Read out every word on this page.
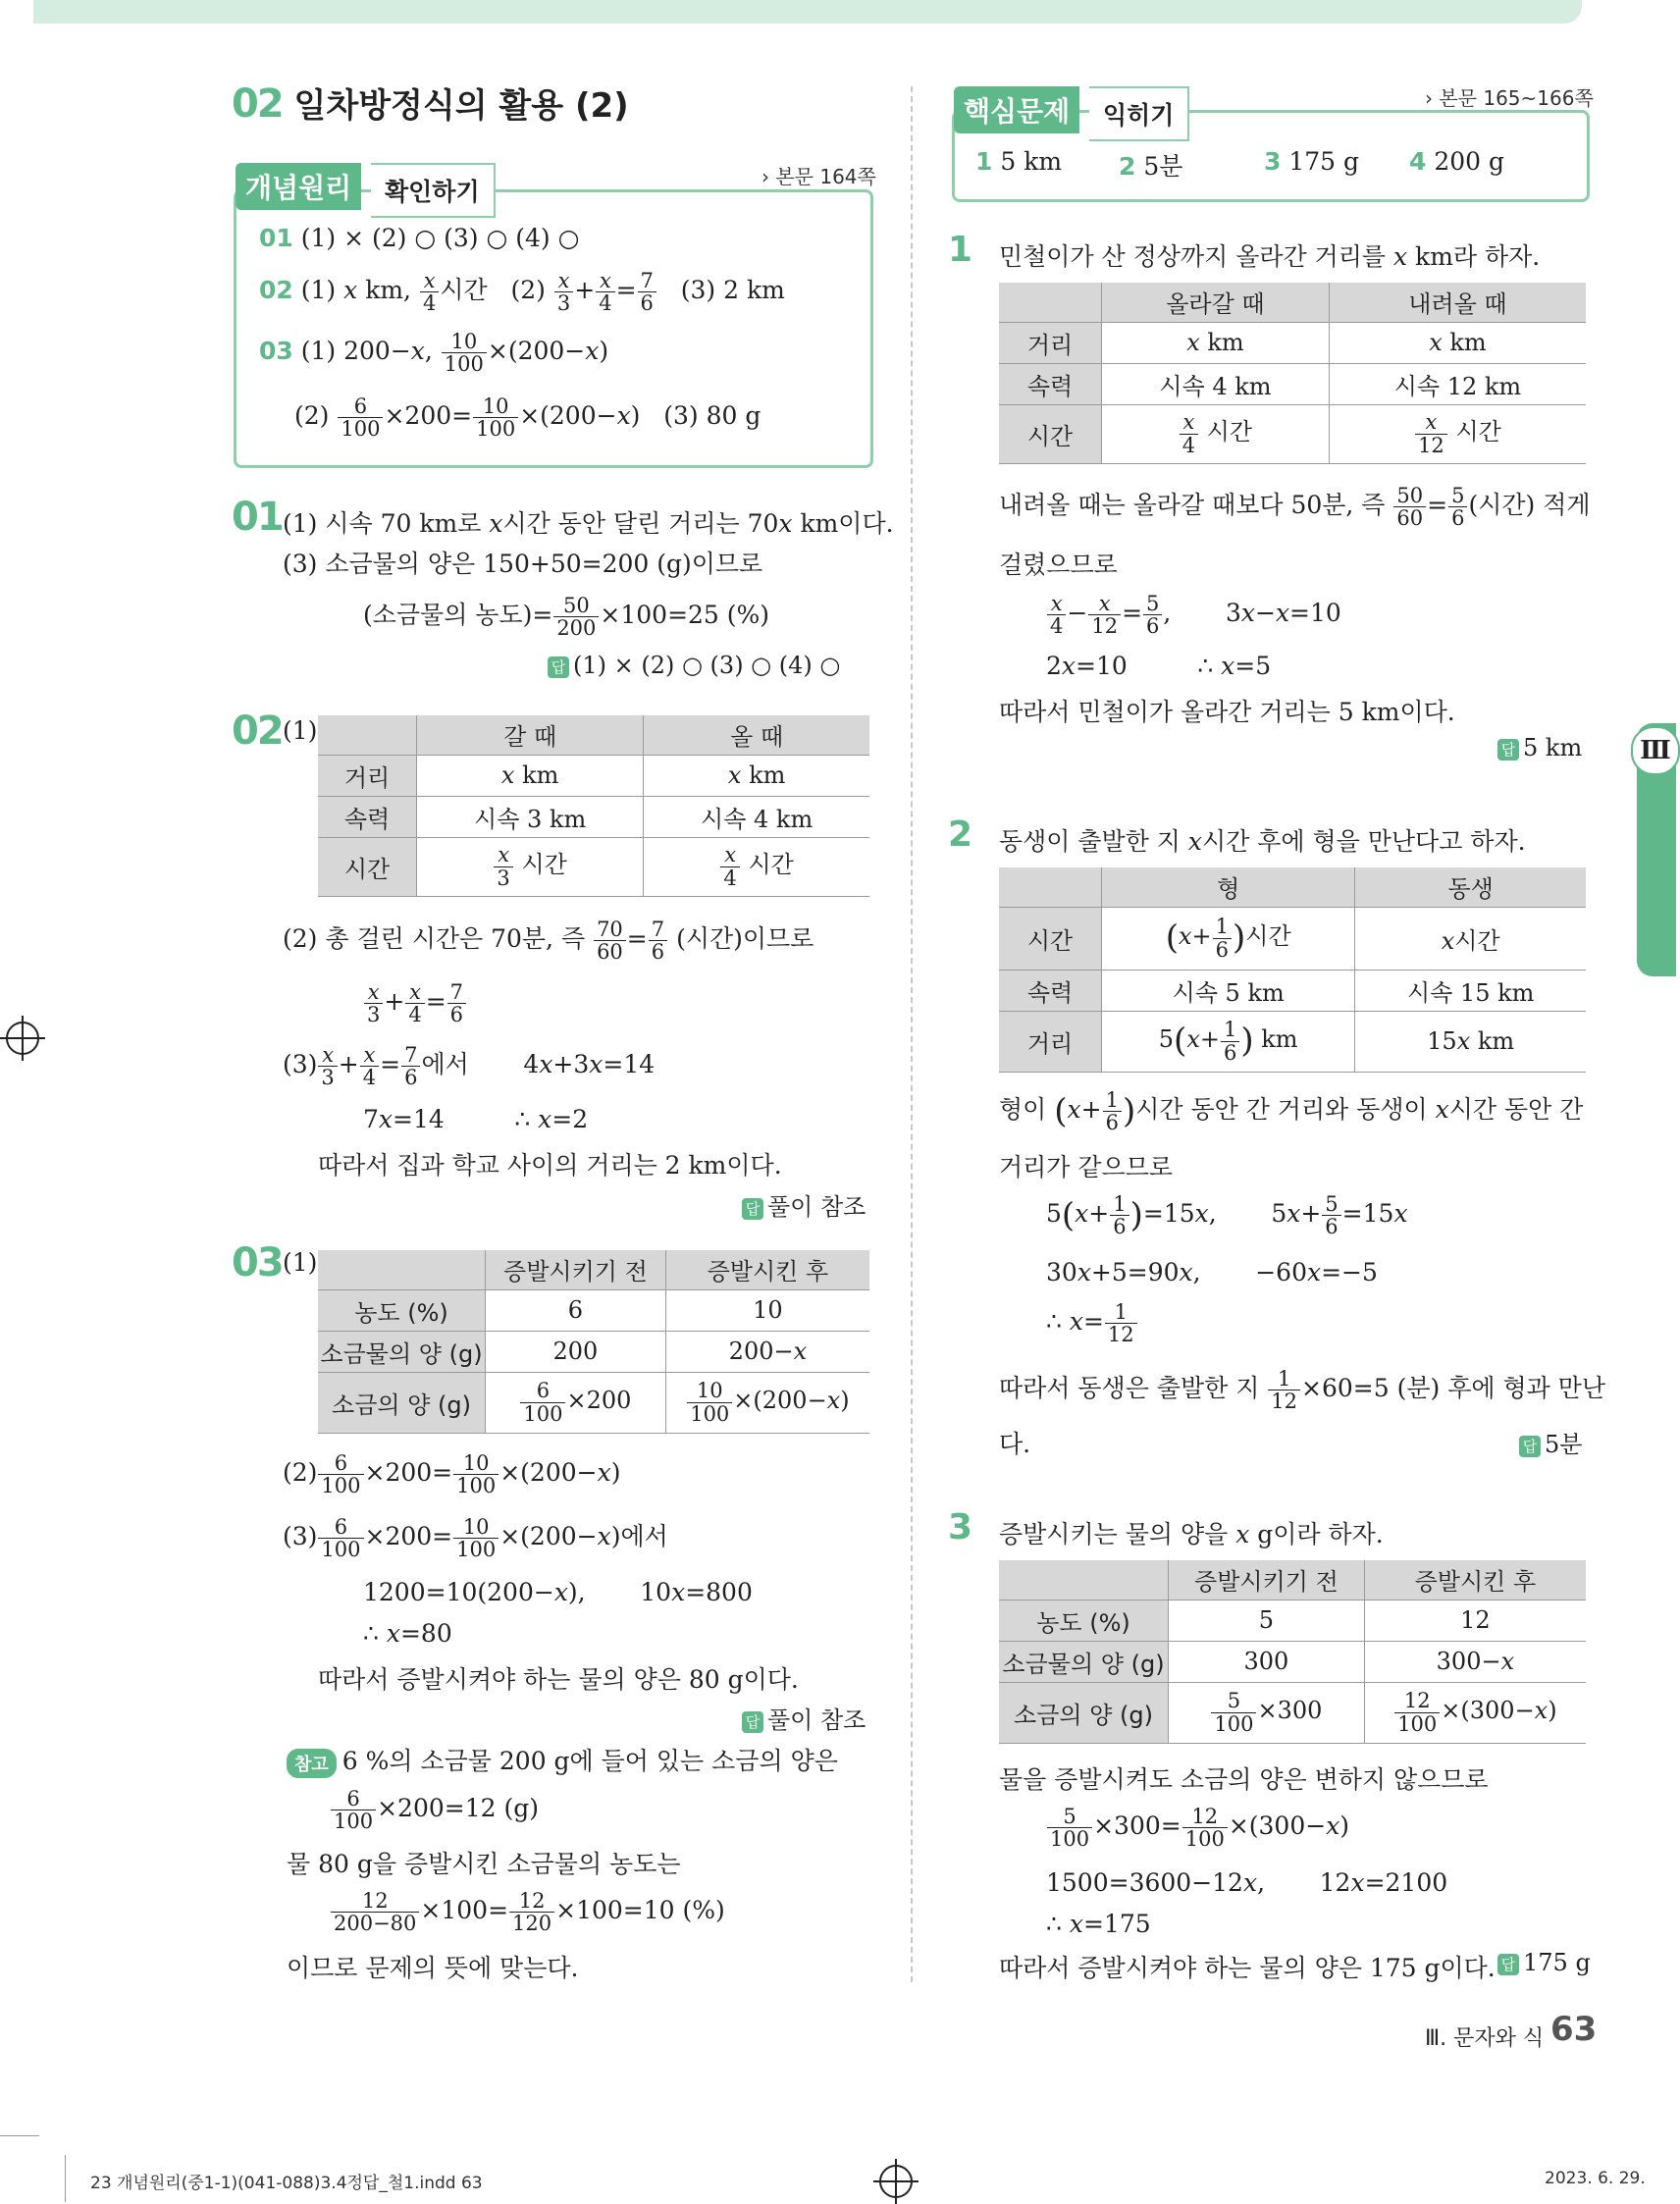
02 일차방정식의 활용 (2)
개념원리	확인하기
› 본문 164쪽
01 (1) × (2) ○ (3) ○ (4) ○
02 (1) x km, $\frac{x}{4}$ 시간 $(2) \frac{x}{3} + \frac{x}{4} = \frac{7}{6} (3)$ 2 km
03 (1) 200−x, $\frac{10}{100} \times(200-x)$
$(2) \frac{6}{100} \times 200= \frac{10}{100} \times(200-x)$   (3) 80 g
01 (1) 시속 70 km로 x시간 동안 달린 거리는 70x km이다.
(3) 소금물의 양은 150+50=200 (g)이므로
(소금물의 농도)= $\frac{50}{200} \times 100=25$ (%)
답 (1) × (2) ○ (3) ○ (4) ○
02 (1)
		갈 때	올 때
거리	x km	x km
속력	시속 3 km	시속 4 km
시간	$\frac{x}{3}$ 시간	$\frac{x}{4}$ 시간
(2) 총 걸린 시간은 70분, 즉 $\frac{70}{60} = \frac{7}{6}$ (시간)이므로
$\frac{x}{3} + \frac{x}{4} = \frac{7}{6}$
$(3) \frac{x}{3} + \frac{x}{4} = \frac{7}{6}$ 에서 4x+3x=14
7x=14	∴ x=2
따라서 집과 학교 사이의 거리는 2 km이다.
답 풀이 참조
03 (1)
		증발시키기 전	증발시킨 후
농도 (%)	6	10
소금물의 양 (g)	200	200−x
소금의 양 (g)	$\frac{6}{100} \times 200$	$\frac{10}{100} \times(200-x)$
$(2) \frac{6}{100} \times 200= \frac{10}{100} \times(200-x)$
$(3) \frac{6}{100} \times 200= \frac{10}{100} \times(200-x)$에서
1200=10(200−x), 10x=800
∴ x=80
따라서 증발시켜야 하는 물의 양은 80 g이다.
답 풀이 참조
참고 6 %의 소금물 200 g에 들어 있는 소금의 양은
$\frac{6}{100} \times 200=12$ (g)
물 80 g을 증발시킨 소금물의 농도는
$\frac{12}{200-80} \times 100= \frac{12}{120} \times 100=10$ (%)
이므로 문제의 뜻에 맞는다.
핵심문제	익히기
› 본문 165~166쪽
1 5 km 2 5분	3 175 g 4 200 g
1 민철이가 산 정상까지 올라간 거리를 x km라 하자.
	올라갈 때	내려올 때
거리	x km	x km
속력	시속 4 km	시속 12 km
시간	$\frac{x}{4}$ 시간	$\frac{x}{12}$ 시간
내려올 때는 올라갈 때보다 50분, 즉 $\frac{50}{60} = \frac{5}{6}$ (시간) 적게
걸렸으므로
$\frac{x}{4} - \frac{x}{12} = \frac{5}{6}$ ,       3x−x=10
2x=10	∴ x=5
따라서 민철이가 올라간 거리는 5 km이다.
답 5 km
2 동생이 출발한 지 x시간 후에 형을 만난다고 하자.
	형	동생
시간	($x+ \frac{1}{6}$ )시간	x시간
속력	시속 5 km	시속 15 km
거리	$5(x+ \frac{1}{6}$ ) km	15x km
형이 ($x+ \frac{1}{6}$ )시간 동안 간 거리와 동생이 x시간 동안 간
거리가 같으므로
$5(x+ \frac{1}{6} )=15x$,       $5x+ \frac{5}{6} =15x$
30x+5=90x,       −60x=−5
∴ $x= \frac{1}{12}$
따라서 동생은 출발한 지 $\frac{1}{12} \times 60=5$ (분) 후에 형과 만난
다.	답 5분
3 증발시키는 물의 양을 x g이라 하자.
	증발시키기 전	증발시킨 후
농도 (%)	5	12
소금물의 양 (g)	300	300−x
소금의 양 (g)	$\frac{5}{100} \times 300$	$\frac{12}{100} \times(300-x)$
물을 증발시켜도 소금의 양은 변하지 않으므로
$\frac{5}{100} \times 300= \frac{12}{100} \times(300-x)$
1500=3600−12x, 12x=2100
∴ x=175
따라서 증발시켜야 하는 물의 양은 175 g이다. 답 175 g
Ⅲ
Ⅲ. 문자와 식 63
23 개념원리(중1-1)(041-088)3.4정답_철1.indd 63	2023. 6. 29.
